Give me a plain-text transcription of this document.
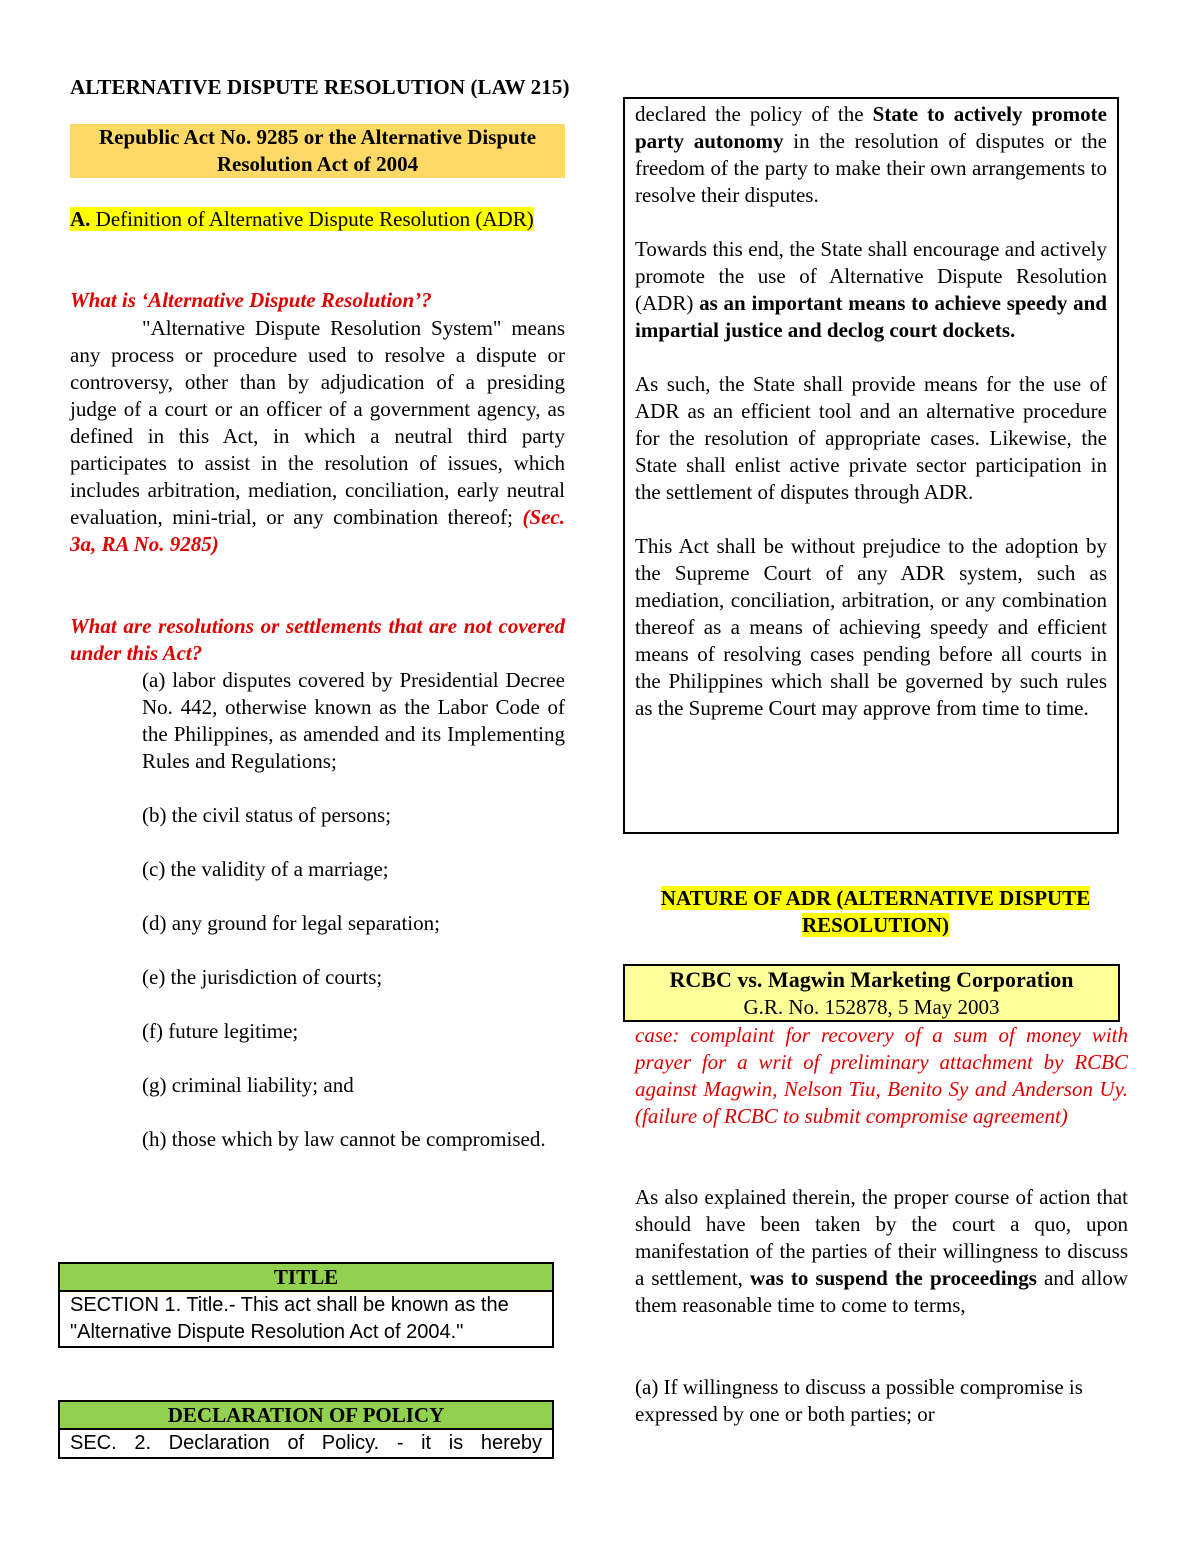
ALTERNATIVE DISPUTE RESOLUTION (LAW 215)
Republic Act No. 9285 or the Alternative Dispute
Resolution Act of 2004
A. Definition of Alternative Dispute Resolution (ADR)
What is ‘Alternative Dispute Resolution’?
"Alternative Dispute Resolution System" means any process or procedure used to resolve a dispute or controversy, other than by adjudication of a presiding judge of a court or an officer of a government agency, as defined in this Act, in which a neutral third party participates to assist in the resolution of issues, which includes arbitration, mediation, conciliation, early neutral evaluation, mini-trial, or any combination thereof; (Sec. 3a, RA No. 9285)
What are resolutions or settlements that are not covered under this Act?
(a) labor disputes covered by Presidential Decree No. 442, otherwise known as the Labor Code of the Philippines, as amended and its Implementing Rules and Regulations;
(b) the civil status of persons;
(c) the validity of a marriage;
(d) any ground for legal separation;
(e) the jurisdiction of courts;
(f) future legitime;
(g) criminal liability; and
(h) those which by law cannot be compromised.
TITLE
SECTION 1. Title.- This act shall be known as the "Alternative Dispute Resolution Act of 2004."
DECLARATION OF POLICY
SEC. 2. Declaration of Policy. - it is hereby

declared the policy of the State to actively promote party autonomy in the resolution of disputes or the freedom of the party to make their own arrangements to resolve their disputes.

Towards this end, the State shall encourage and actively promote the use of Alternative Dispute Resolution (ADR) as an important means to achieve speedy and impartial justice and declog court dockets.

As such, the State shall provide means for the use of ADR as an efficient tool and an alternative procedure for the resolution of appropriate cases. Likewise, the State shall enlist active private sector participation in the settlement of disputes through ADR.

This Act shall be without prejudice to the adoption by the Supreme Court of any ADR system, such as mediation, conciliation, arbitration, or any combination thereof as a means of achieving speedy and efficient means of resolving cases pending before all courts in the Philippines which shall be governed by such rules as the Supreme Court may approve from time to time.

NATURE OF ADR (ALTERNATIVE DISPUTE RESOLUTION)
RCBC vs. Magwin Marketing Corporation
G.R. No. 152878, 5 May 2003
case: complaint for recovery of a sum of money with prayer for a writ of preliminary attachment by RCBC against Magwin, Nelson Tiu, Benito Sy and Anderson Uy. (failure of RCBC to submit compromise agreement)
As also explained therein, the proper course of action that should have been taken by the court a quo, upon manifestation of the parties of their willingness to discuss a settlement, was to suspend the proceedings and allow them reasonable time to come to terms,
(a) If willingness to discuss a possible compromise is expressed by one or both parties; or
